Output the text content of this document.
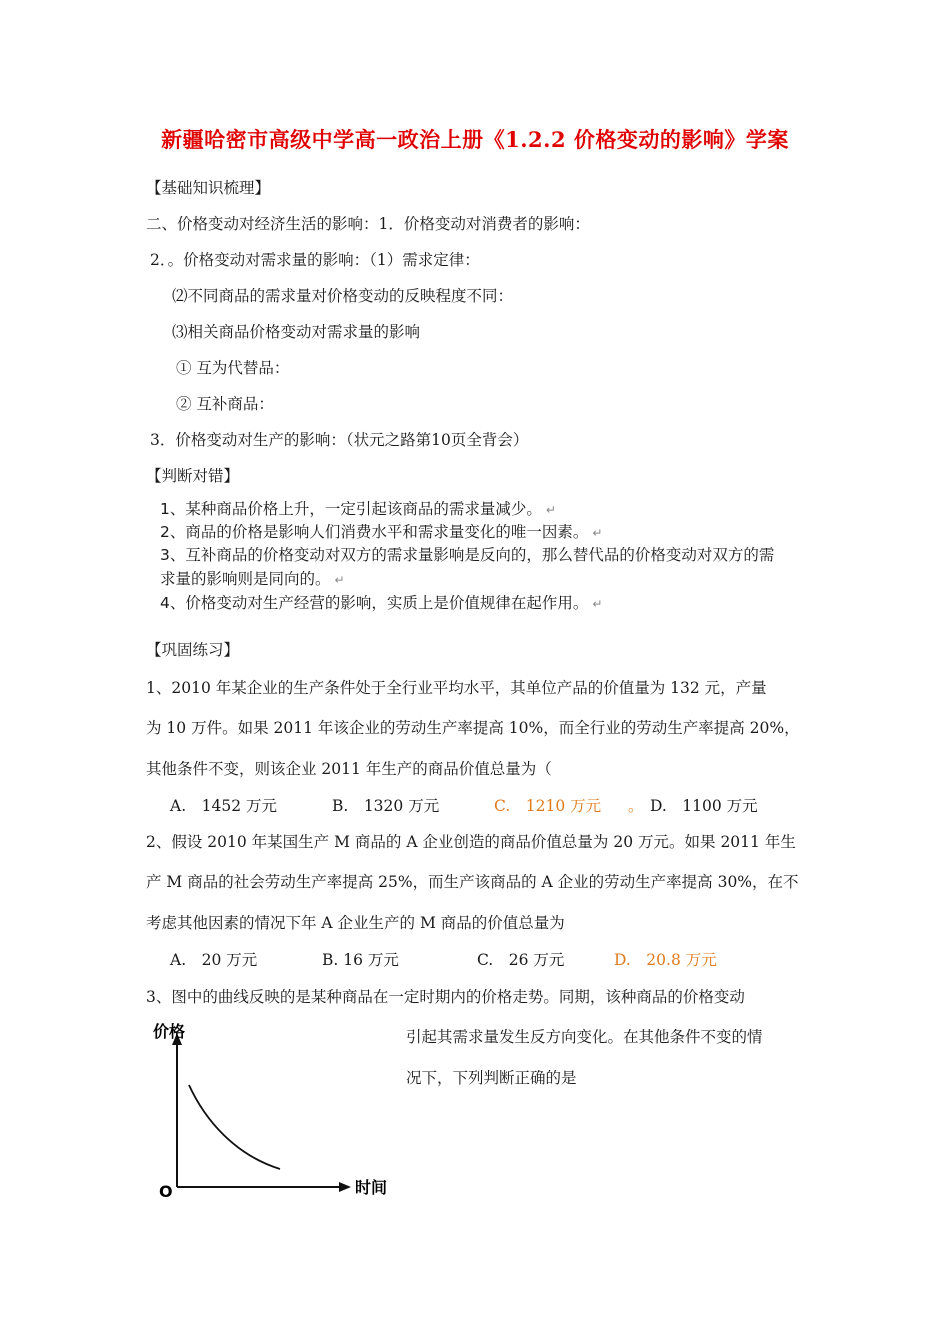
新疆哈密市高级中学高一政治上册《1.2.2 价格变动的影响》学案
【基础知识梳理】
二、价格变动对经济生活的影响：1．价格变动对消费者的影响：
2．。价格变动对需求量的影响：（1）需求定律：
⑵不同商品的需求量对价格变动的反映程度不同：
⑶相关商品价格变动对需求量的影响
① 互为代替品：
② 互补商品：
3．价格变动对生产的影响：（状元之路第10页全背会）
【判断对错】
1、某种商品价格上升，一定引起该商品的需求量减少。 ↵
2、商品的价格是影响人们消费水平和需求量变化的唯一因素。 ↵
3、互补商品的价格变动对双方的需求量影响是反向的，那么替代品的价格变动对双方的需
求量的影响则是同向的。 ↵
4、价格变动对生产经营的影响，实质上是价值规律在起作用。 ↵
【巩固练习】
1、2010 年某企业的生产条件处于全行业平均水平，其单位产品的价值量为 132 元，产量
为 10 万件。如果 2011 年该企业的劳动生产率提高 10%，而全行业的劳动生产率提高 20%，
其他条件不变，则该企业 2011 年生产的商品价值总量为（
A.　1452 万元	B.　1320 万元	C.　1210 万元 。 D.　1100 万元
2、假设 2010 年某国生产 M 商品的 A 企业创造的商品价值总量为 20 万元。如果 2011 年生
产 M 商品的社会劳动生产率提高 25%，而生产该商品的 A 企业的劳动生产率提高 30%，在不
考虑其他因素的情况下年 A 企业生产的 M 商品的价值总量为
A.　20 万元	B. 16 万元	C.　26 万元	D.　20.8 万元
3、图中的曲线反映的是某种商品在一定时期内的价格走势。同期，该种商品的价格变动
引起其需求量发生反方向变化。在其他条件不变的情
况下，下列判断正确的是
价格
时间
O
